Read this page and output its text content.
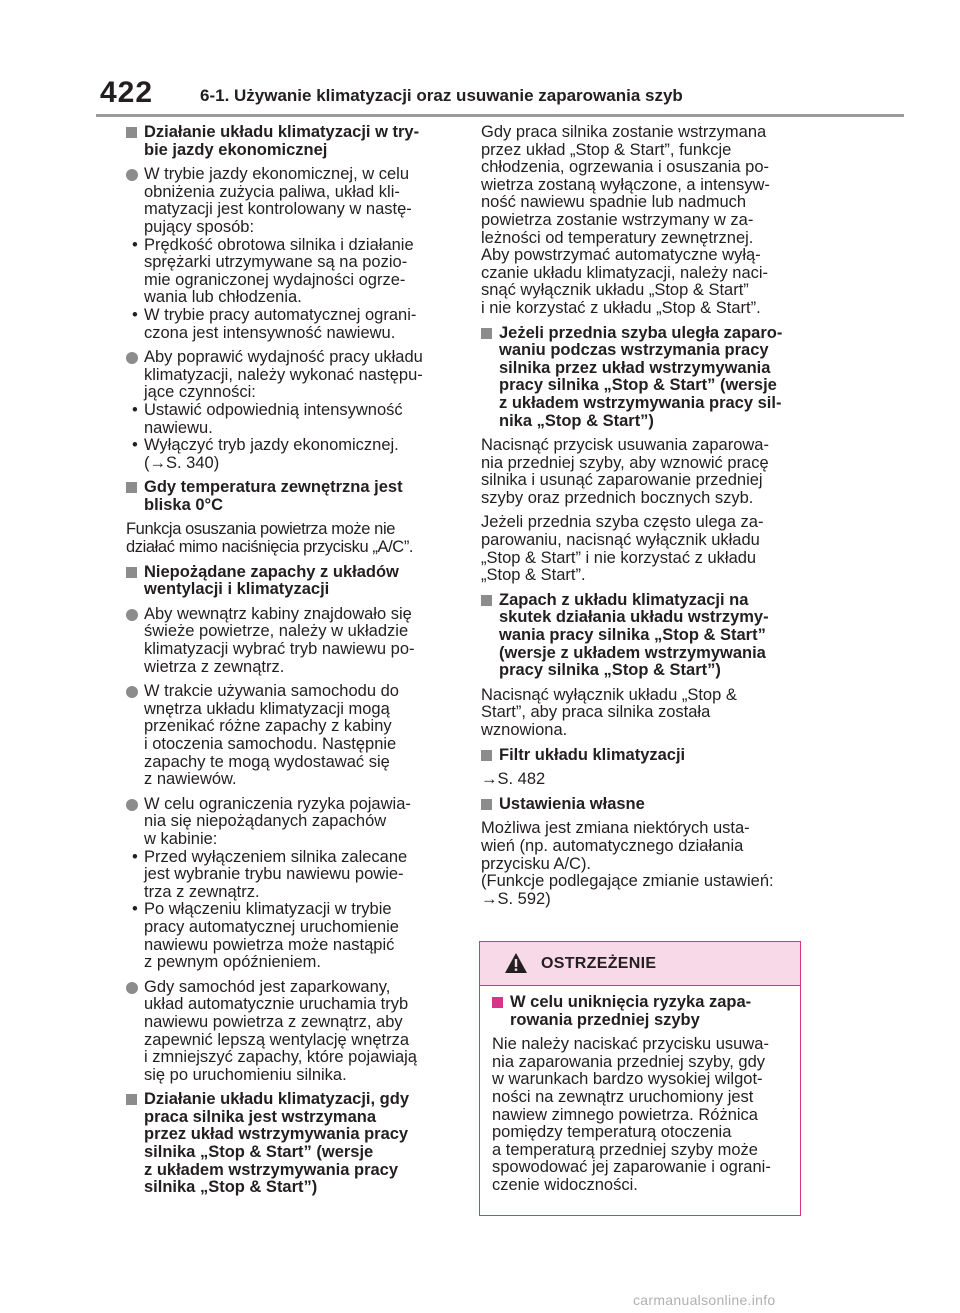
422	6-1. Używanie klimatyzacji oraz usuwanie zaparowania szyb
Działanie układu klimatyzacji w try-
bie jazdy ekonomicznej
W trybie jazdy ekonomicznej, w celu
obniżenia zużycia paliwa, układ kli-
matyzacji jest kontrolowany w nastę-
pujący sposób:
• Prędkość obrotowa silnika i działanie
sprężarki utrzymywane są na pozio-
mie ograniczonej wydajności ogrze-
wania lub chłodzenia.
• W trybie pracy automatycznej ograni-
czona jest intensywność nawiewu.
Aby poprawić wydajność pracy układu
klimatyzacji, należy wykonać następu-
jące czynności:
• Ustawić odpowiednią intensywność
nawiewu.
• Wyłączyć tryb jazdy ekonomicznej.
(→S. 340)
Gdy temperatura zewnętrzna jest
bliska 0°C
Funkcja osuszania powietrza może nie
działać mimo naciśnięcia przycisku „A/C”.
Niepożądane zapachy z układów
wentylacji i klimatyzacji
Aby wewnątrz kabiny znajdowało się
świeże powietrze, należy w układzie
klimatyzacji wybrać tryb nawiewu po-
wietrza z zewnątrz.
W trakcie używania samochodu do
wnętrza układu klimatyzacji mogą
przenikać różne zapachy z kabiny
i otoczenia samochodu. Następnie
zapachy te mogą wydostawać się
z nawiewów.
W celu ograniczenia ryzyka pojawia-
nia się niepożądanych zapachów
w kabinie:
• Przed wyłączeniem silnika zalecane
jest wybranie trybu nawiewu powie-
trza z zewnątrz.
• Po włączeniu klimatyzacji w trybie
pracy automatycznej uruchomienie
nawiewu powietrza może nastąpić
z pewnym opóźnieniem.
Gdy samochód jest zaparkowany,
układ automatycznie uruchamia tryb
nawiewu powietrza z zewnątrz, aby
zapewnić lepszą wentylację wnętrza
i zmniejszyć zapachy, które pojawiają
się po uruchomieniu silnika.
Działanie układu klimatyzacji, gdy
praca silnika jest wstrzymana
przez układ wstrzymywania pracy
silnika „Stop & Start” (wersje
z układem wstrzymywania pracy
silnika „Stop & Start”)
Gdy praca silnika zostanie wstrzymana
przez układ „Stop & Start”, funkcje
chłodzenia, ogrzewania i osuszania po-
wietrza zostaną wyłączone, a intensyw-
ność nawiewu spadnie lub nadmuch
powietrza zostanie wstrzymany w za-
leżności od temperatury zewnętrznej.
Aby powstrzymać automatyczne wyłą-
czanie układu klimatyzacji, należy naci-
snąć wyłącznik układu „Stop & Start”
i nie korzystać z układu „Stop & Start”.
Jeżeli przednia szyba uległa zaparo-
waniu podczas wstrzymania pracy
silnika przez układ wstrzymywania
pracy silnika „Stop & Start” (wersje
z układem wstrzymywania pracy sil-
nika „Stop & Start”)
Nacisnąć przycisk usuwania zaparowa-
nia przedniej szyby, aby wznowić pracę
silnika i usunąć zaparowanie przedniej
szyby oraz przednich bocznych szyb.
Jeżeli przednia szyba często ulega za-
parowaniu, nacisnąć wyłącznik układu
„Stop & Start” i nie korzystać z układu
„Stop & Start”.
Zapach z układu klimatyzacji na
skutek działania układu wstrzymy-
wania pracy silnika „Stop & Start”
(wersje z układem wstrzymywania
pracy silnika „Stop & Start”)
Nacisnąć wyłącznik układu „Stop &
Start”, aby praca silnika została
wznowiona.
Filtr układu klimatyzacji
→S. 482
Ustawienia własne
Możliwa jest zmiana niektórych usta-
wień (np. automatycznego działania
przycisku A/C).
(Funkcje podlegające zmianie ustawień:
→S. 592)
OSTRZEŻENIE
W celu uniknięcia ryzyka zapa-
rowania przedniej szyby
Nie należy naciskać przycisku usuwa-
nia zaparowania przedniej szyby, gdy
w warunkach bardzo wysokiej wilgot-
ności na zewnątrz uruchomiony jest
nawiew zimnego powietrza. Różnica
pomiędzy temperaturą otoczenia
a temperaturą przedniej szyby może
spowodować jej zaparowanie i ograni-
czenie widoczności.
carmanualsonline.info
